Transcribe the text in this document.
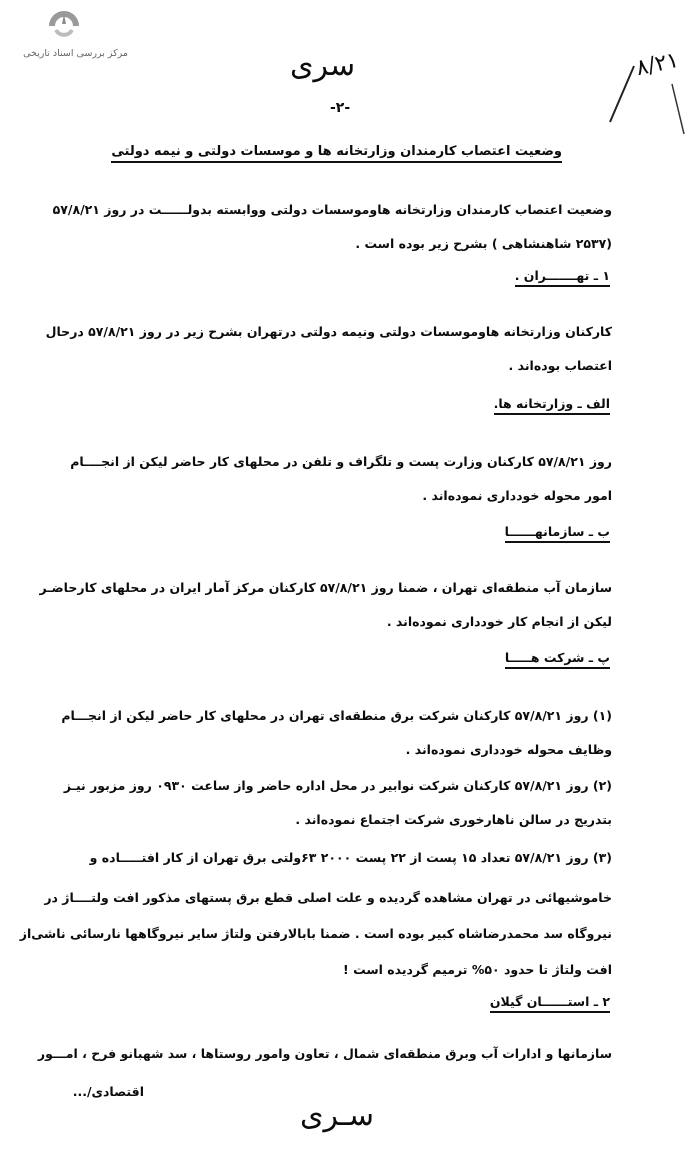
مرکز بررسی اسناد تاریخی	سری	۸/۲۱
-۲-
وضعیت اعتصاب کارمندان وزارتخانه ها و موسسات دولتی و نیمه دولتی
وضعیت اعتصاب کارمندان وزارتخانه هاوموسسات دولتی ووابسته بدولــــــت در روز ۵۷/۸/۲۱
(۲۵۳۷ شاهنشاهی ) بشرح زیر بوده است .
۱ ـ تهـــــــران .
کارکنان وزارتخانه هاوموسسات دولتی ونیمه دولتی درتهران بشرح زیر در روز ۵۷/۸/۲۱ درحال
اعتصاب بوده‌اند .
الف ـ وزارتخانه ها.
روز ۵۷/۸/۲۱ کارکنان وزارت پست و تلگراف و تلفن در محلهای کار حاضر لیکن از انجــــام
امور محوله خودداری نموده‌اند .
ب ـ سازمانهــــــا
سازمان آب منطقه‌ای تهران ، ضمنا روز ۵۷/۸/۲۱ کارکنان مرکز آمار ایران در محلهای کارحاضـر
لیکن از انجام کار خودداری نموده‌اند .
پ ـ شرکت هـــــا
(۱) روز ۵۷/۸/۲۱ کارکنان شرکت برق منطقه‌ای تهران در محلهای کار حاضر لیکن از انجـــام
وظایف محوله خودداری نموده‌اند .
(۲) روز ۵۷/۸/۲۱ کارکنان شرکت نوابیر در محل اداره حاضر واز ساعت ۰۹۳۰ روز مزبور نیـز
بتدریج در سالن ناهارخوری شرکت اجتماع نموده‌اند .
(۳) روز ۵۷/۸/۲۱ تعداد ۱۵ پست از ۲۲ پست ۲۰۰۰ ۶۳ولتی برق تهران از کار افتـــــاده و
خاموشیهائی در تهران مشاهده گردیده و علت اصلی قطع برق پستهای مذکور افت ولتــــاژ در
نیروگاه سد محمدرضاشاه کبیر بوده است . ضمنا بابالارفتن ولتاژ سایر نیروگاهها نارسائی ناشی‌از
افت ولتاژ تا حدود ۵۰% ترمیم گردیده است !
۲ ـ استــــــان گیلان
سازمانها و ادارات آب وبرق منطقه‌ای شمال ، تعاون وامور روستاها ، سد شهبانو فرح ، امـــور
اقتصادی/...
سـری
